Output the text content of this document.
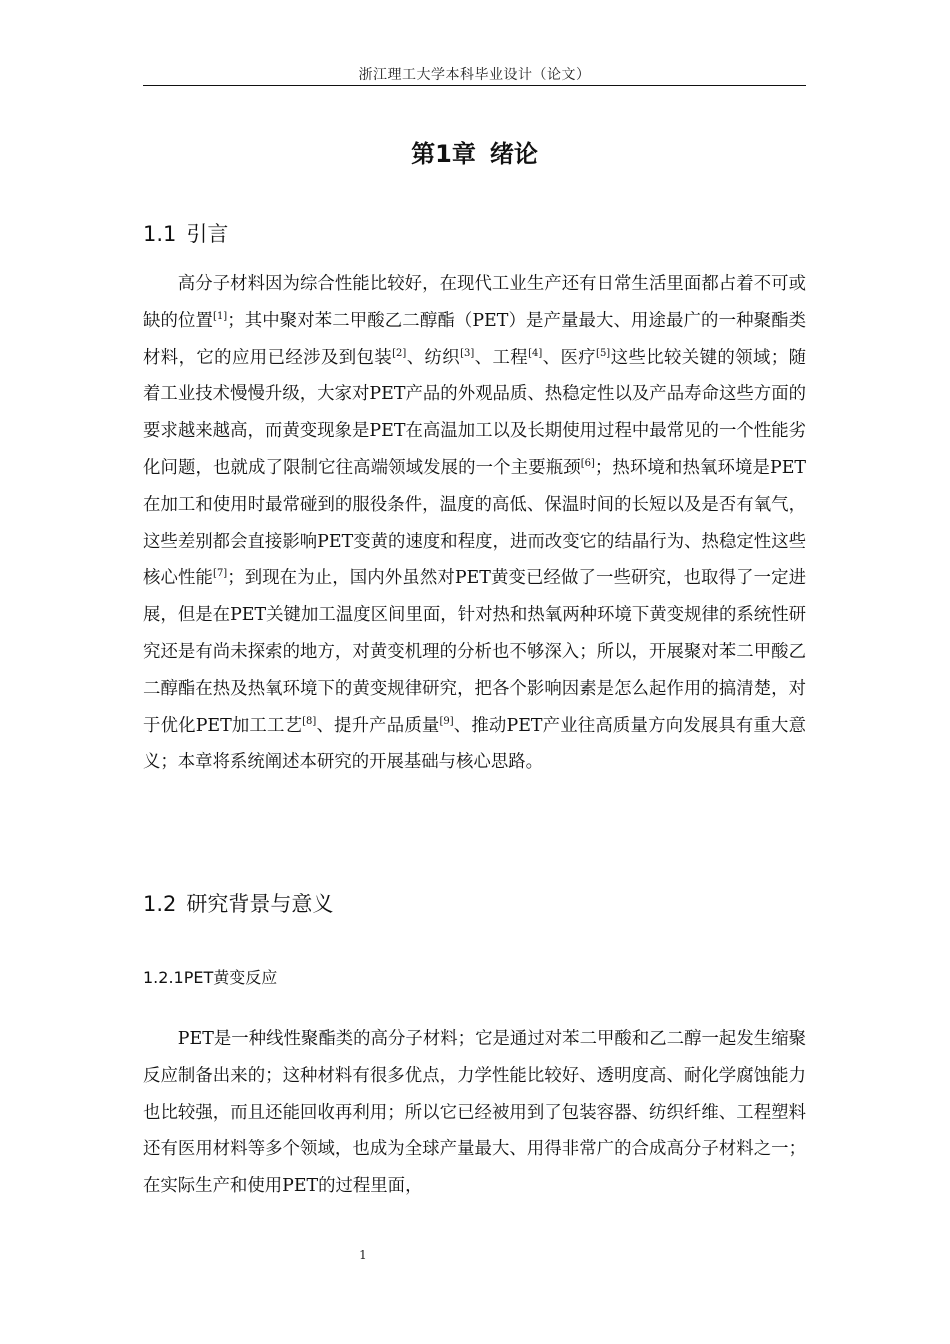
浙江理工大学本科毕业设计（论文）
第1章 绪论
1.1 引言

高分子材料因为综合性能比较好，在现代工业生产还有日常生活里面都占着不可或缺的位置[1]；其中聚对苯二甲酸乙二醇酯（PET）是产量最大、用途最广的一种聚酯类材料，它的应用已经涉及到包装[2]、纺织[3]、工程[4]、医疗[5]这些比较关键的领域；随着工业技术慢慢升级，大家对PET产品的外观品质、热稳定性以及产品寿命这些方面的要求越来越高，而黄变现象是PET在高温加工以及长期使用过程中最常见的一个性能劣化问题，也就成了限制它往高端领域发展的一个主要瓶颈[6]；热环境和热氧环境是PET在加工和使用时最常碰到的服役条件，温度的高低、保温时间的长短以及是否有氧气，这些差别都会直接影响PET变黄的速度和程度，进而改变它的结晶行为、热稳定性这些核心性能[7]；到现在为止，国内外虽然对PET黄变已经做了一些研究，也取得了一定进展，但是在PET关键加工温度区间里面，针对热和热氧两种环境下黄变规律的系统性研究还是有尚未探索的地方，对黄变机理的分析也不够深入；所以，开展聚对苯二甲酸乙二醇酯在热及热氧环境下的黄变规律研究，把各个影响因素是怎么起作用的搞清楚，对于优化PET加工工艺[8]、提升产品质量[9]、推动PET产业往高质量方向发展具有重大意义；本章将系统阐述本研究的开展基础与核心思路。

1.2 研究背景与意义
1.2.1PET黄变反应

PET是一种线性聚酯类的高分子材料；它是通过对苯二甲酸和乙二醇一起发生缩聚反应制备出来的；这种材料有很多优点，力学性能比较好、透明度高、耐化学腐蚀能力也比较强，而且还能回收再利用；所以它已经被用到了包装容器、纺织纤维、工程塑料还有医用材料等多个领域，也成为全球产量最大、用得非常广的合成高分子材料之一；在实际生产和使用PET的过程里面，

1
